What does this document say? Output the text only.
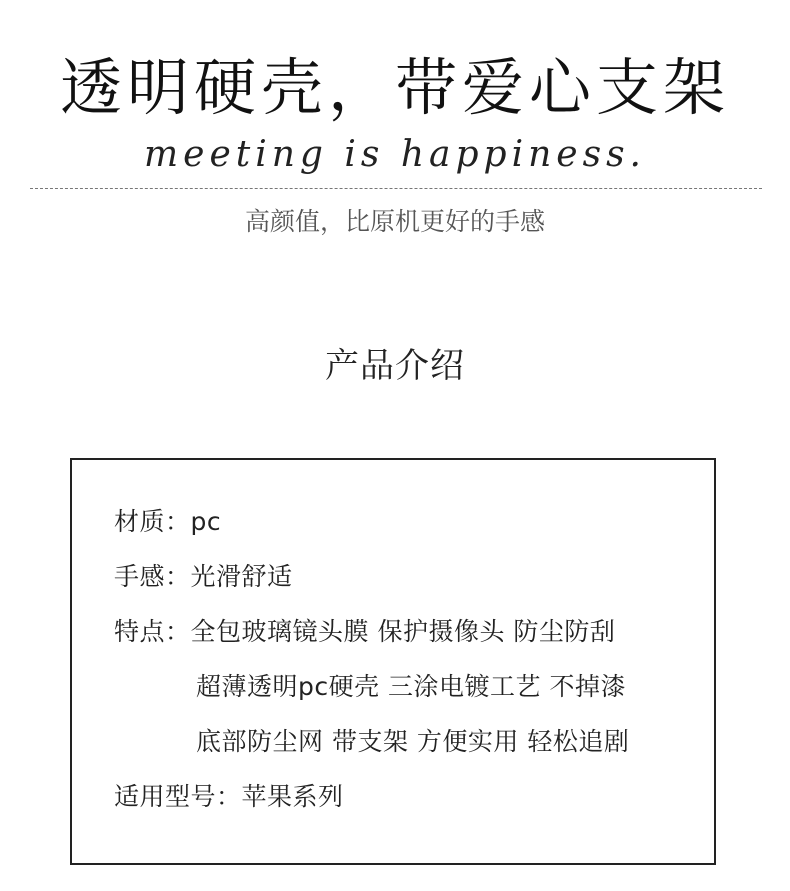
透明硬壳，带爱心支架
meeting is happiness.
高颜值，比原机更好的手感
产品介绍
材质：pc
手感：光滑舒适
特点：全包玻璃镜头膜 保护摄像头 防尘防刮
超薄透明pc硬壳 三涂电镀工艺 不掉漆
底部防尘网 带支架 方便实用 轻松追剧
适用型号：苹果系列
